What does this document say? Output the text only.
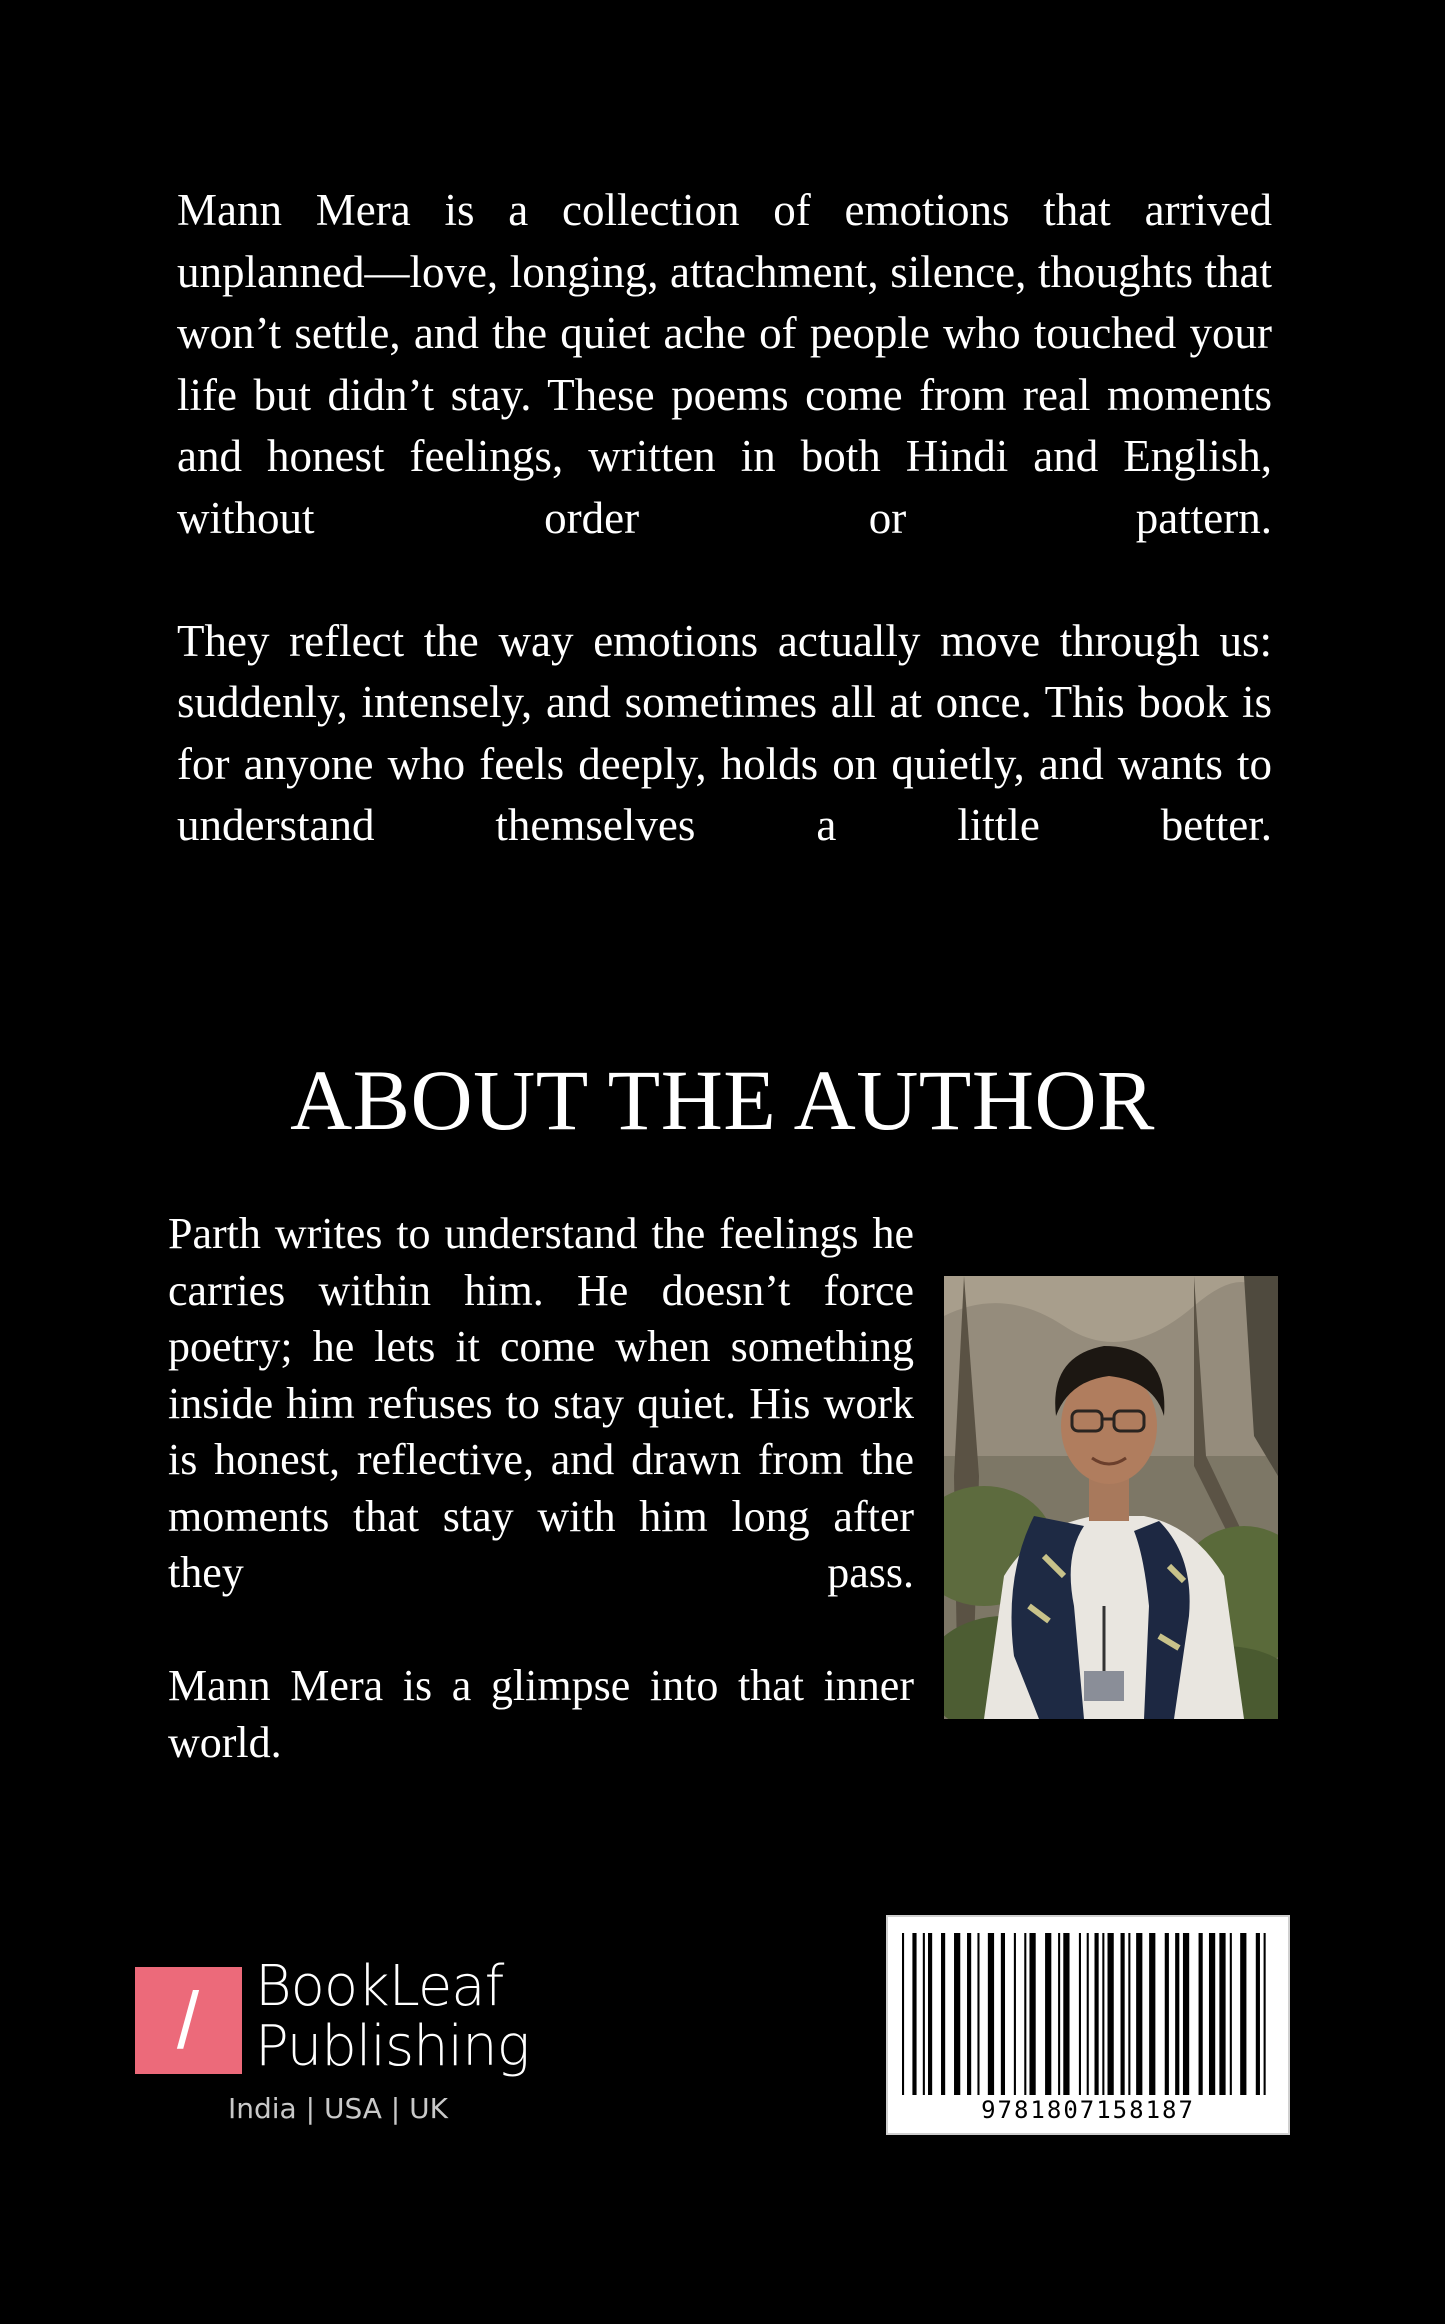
Mann Mera is a collection of emotions that arrived unplanned—love, longing, attachment, silence, thoughts that won’t settle, and the quiet ache of people who touched your life but didn’t stay. These poems come from real moments and honest feelings, written in both Hindi and English, without order or pattern.

They reflect the way emotions actually move through us: suddenly, intensely, and sometimes all at once. This book is for anyone who feels deeply, holds on quietly, and wants to understand themselves a little better.

ABOUT THE AUTHOR

Parth writes to understand the feelings he carries within him. He doesn’t force poetry; he lets it come when something inside him refuses to stay quiet. His work is honest, reflective, and drawn from the moments that stay with him long after they pass.

Mann Mera is a glimpse into that inner world.

/ BookLeaf
Publishing
India | USA | UK	9781807158187
